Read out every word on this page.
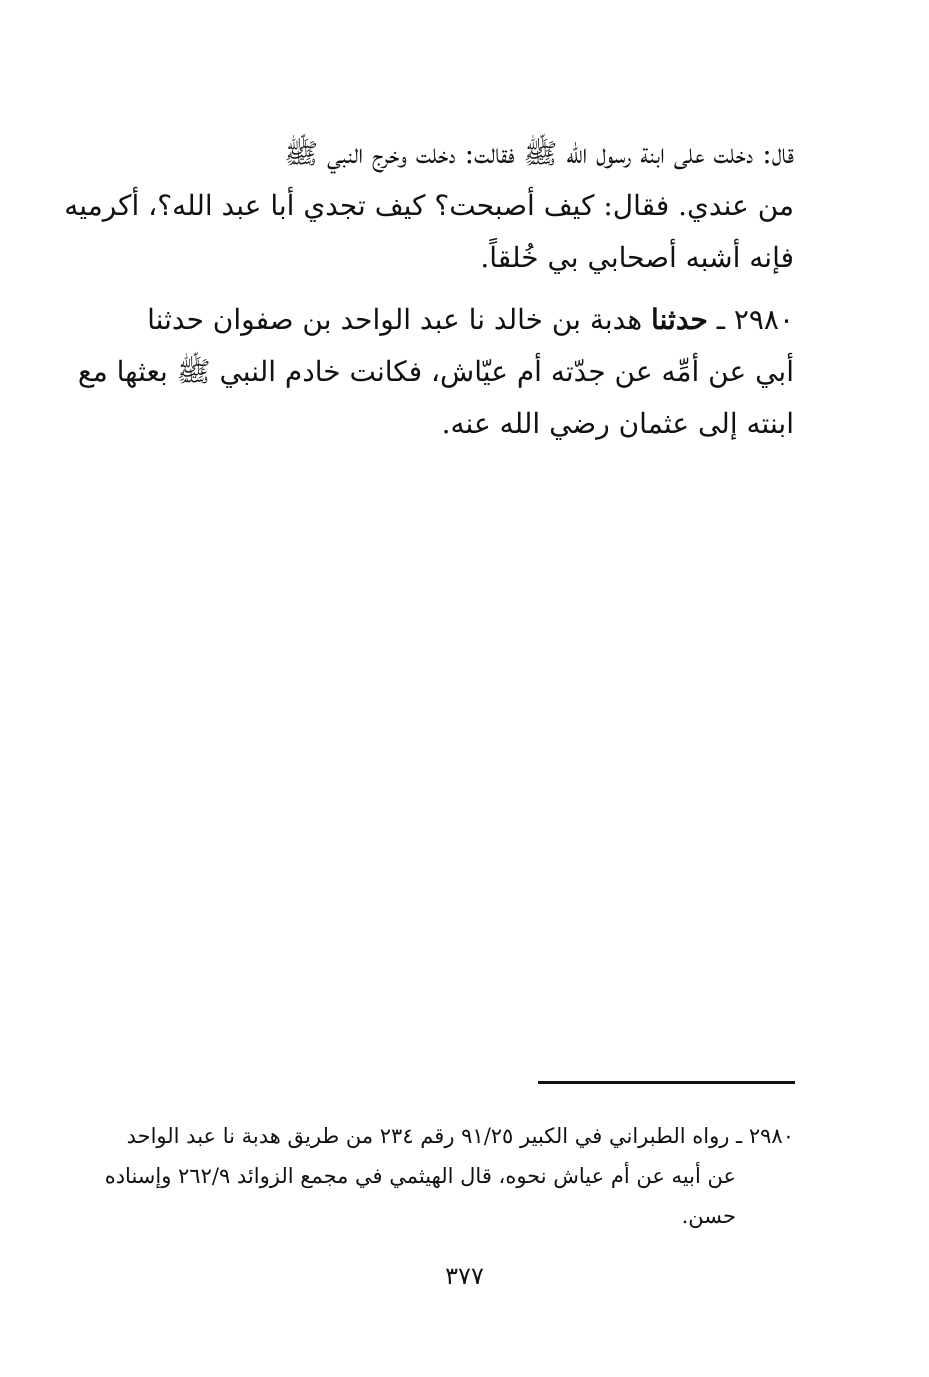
قال: دخلت على ابنة رسول الله ﷺ فقالت: دخلت وخرج النبي ﷺ
من عندي. فقال: كيف أصبحت؟ كيف تجدي أبا عبد الله؟، أكرميه
فإنه أشبه أصحابي بي خُلقاً.
٢٩٨٠ ـ حدثنا هدبة بن خالد نا عبد الواحد بن صفوان حدثنا
أبي عن أمِّه عن جدّته أم عيّاش، فكانت خادم النبي ﷺ بعثها مع
ابنته إلى عثمان رضي الله عنه.
٢٩٨٠ ـ رواه الطبراني في الكبير ٩١/٢٥ رقم ٢٣٤ من طريق هدبة نا عبد الواحد
عن أبيه عن أم عياش نحوه، قال الهيثمي في مجمع الزوائد ٢٦٢/٩ وإسناده
حسن.
٣٧٧
